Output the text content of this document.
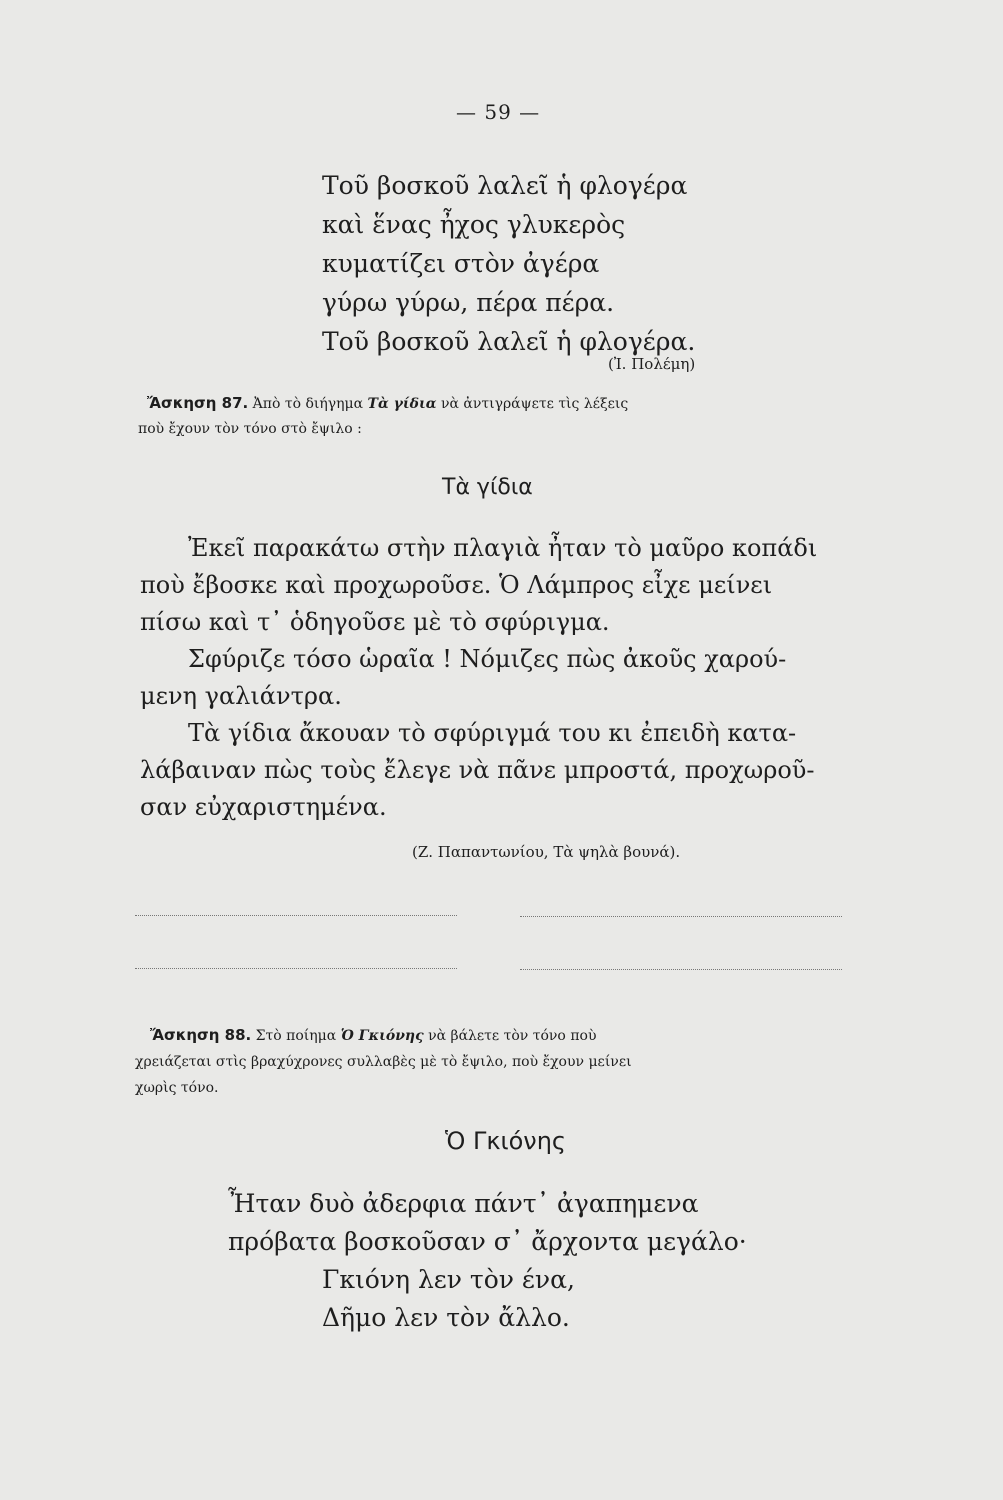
— 59 —
Τοῦ βοσκοῦ λαλεῖ ἡ φλογέρα
καὶ ἕνας ἦχος γλυκερὸς
κυματίζει στὸν ἀγέρα
γύρω γύρω, πέρα πέρα.
Τοῦ βοσκοῦ λαλεῖ ἡ φλογέρα.
(Ἰ. Πολέμη)
Ἄσκηση 87. Ἀπὸ τὸ διήγημα Τὰ γίδια νὰ ἀντιγράψετε τὶς λέξεις
ποὺ ἔχουν τὸν τόνο στὸ ἔψιλο :
Τὰ γίδια
Ἐκεῖ παρακάτω στὴν πλαγιὰ ἦταν τὸ μαῦρο κοπάδι
ποὺ ἔβοσκε καὶ προχωροῦσε. Ὁ Λάμπρος εἶχε μείνει
πίσω καὶ τ᾽ ὁδηγοῦσε μὲ τὸ σφύριγμα.
Σφύριζε τόσο ὡραῖα ! Νόμιζες πὼς ἀκοῦς χαρού-
μενη γαλιάντρα.
Τὰ γίδια ἄκουαν τὸ σφύριγμά του κι ἐπειδὴ κατα-
λάβαιναν πὼς τοὺς ἔλεγε νὰ πᾶνε μπροστά, προχωροῦ-
σαν εὐχαριστημένα.
(Ζ. Παπαντωνίου, Τὰ ψηλὰ βουνά).
Ἄσκηση 88. Στὸ ποίημα Ὁ Γκιόνης νὰ βάλετε τὸν τόνο ποὺ
χρειάζεται στὶς βραχύχρονες συλλαβὲς μὲ τὸ ἔψιλο, ποὺ ἔχουν μείνει
χωρὶς τόνο.
Ὁ Γκιόνης
Ἦταν δυὸ ἀδερφια πάντ᾽ ἀγαπημενα
πρόβατα βοσκοῦσαν σ᾽ ἄρχοντα μεγάλο·
Γκιόνη λεν τὸν ένα,
Δῆμο λεν τὸν ἄλλο.
